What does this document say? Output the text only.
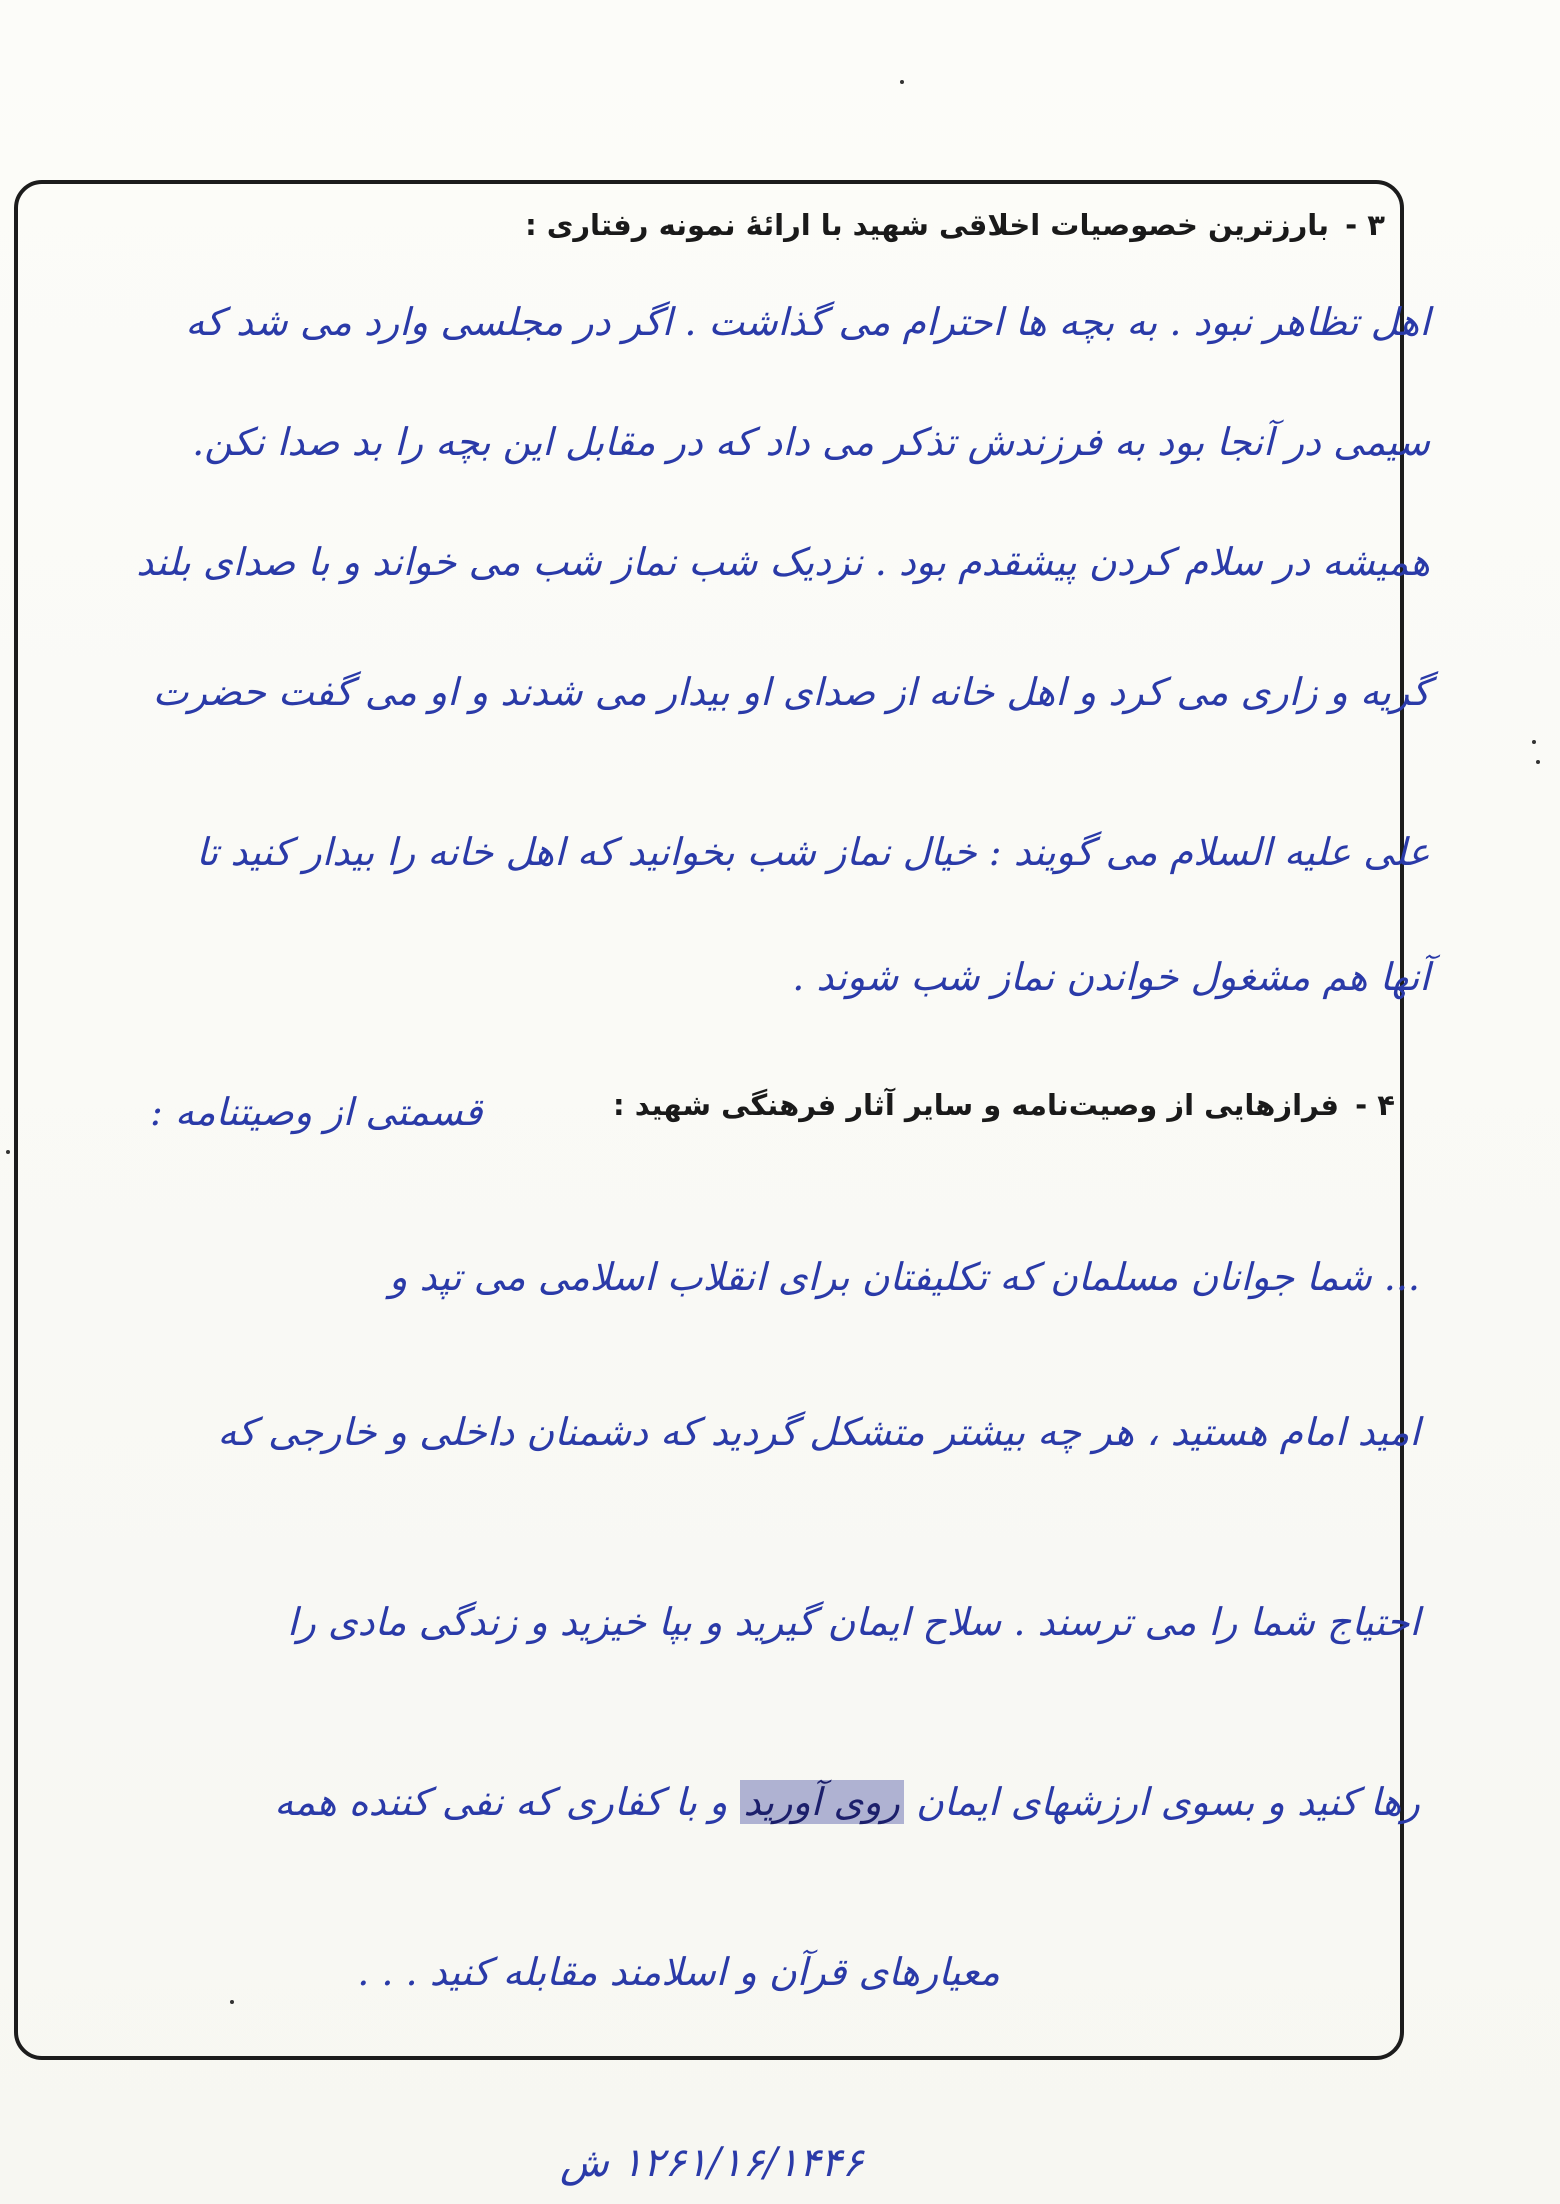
۳ - بارزترین خصوصیات اخلاقی شهید با ارائهٔ نمونه رفتاری :
اهل تظاهر نبود . به بچه ها احترام می گذاشت . اگر در مجلسی وارد می شد که
سیمی در آنجا بود به فرزندش تذکر می داد که در مقابل این بچه را بد صدا نکن.
همیشه در سلام کردن پیشقدم بود . نزدیک شب نماز شب می خواند و با صدای بلند
گریه و زاری می کرد و اهل خانه از صدای او بیدار می شدند و او می گفت حضرت
علی علیه السلام می گویند : خیال نماز شب بخوانید که اهل خانه را بیدار کنید تا
آنها هم مشغول خواندن نماز شب شوند .
۴ - فرازهایی از وصیت‌نامه و سایر آثار فرهنگی شهید :
قسمتی از وصیتنامه :
... شما جوانان مسلمان که تکلیفتان برای انقلاب اسلامی می تپد و
امید امام هستید ، هر چه بیشتر متشکل گردید که دشمنان داخلی و خارجی که
احتیاج شما را می ترسند . سلاح ایمان گیرید و بپا خیزید و زندگی مادی را
رها کنید و بسوی ارزشهای ایمان روی آورید و با کفاری که نفی کننده همه
معیارهای قرآن و اسلامند مقابله کنید . . .
۱۲۶۱/۱۶/۱۴۴۶ ش
